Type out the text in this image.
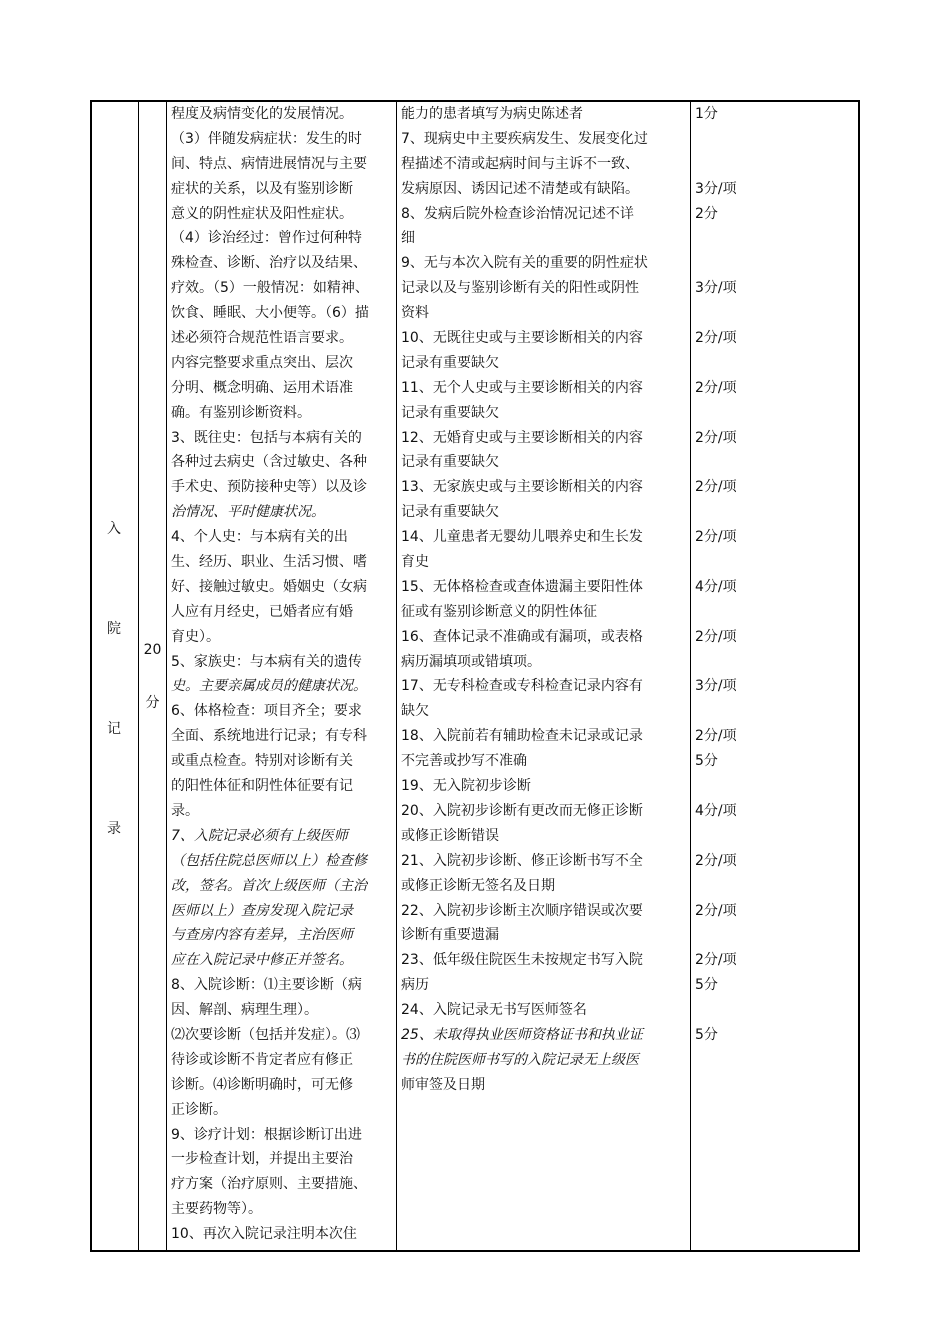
入
院
记
录
20
分
程度及病情变化的发展情况。
（3）伴随发病症状：发生的时
间、特点、病情进展情况与主要
症状的关系，以及有鉴别诊断
意义的阴性症状及阳性症状。
（4）诊治经过：曾作过何种特
殊检查、诊断、治疗以及结果、
疗效。（5）一般情况：如精神、
饮食、睡眠、大小便等。（6）描
述必须符合规范性语言要求。
内容完整要求重点突出、层次
分明、概念明确、运用术语准
确。有鉴别诊断资料。
3、既往史：包括与本病有关的
各种过去病史（含过敏史、各种
手术史、预防接种史等）以及诊
治情况、平时健康状况。
4、个人史：与本病有关的出
生、经历、职业、生活习惯、嗜
好、接触过敏史。婚姻史（女病
人应有月经史，已婚者应有婚
育史）。
5、家族史：与本病有关的遗传
史。主要亲属成员的健康状况。
6、体格检查：项目齐全；要求
全面、系统地进行记录；有专科
或重点检查。特别对诊断有关
的阳性体征和阴性体征要有记
录。
7、入院记录必须有上级医师
（包括住院总医师以上）检查修
改，签名。首次上级医师（主治
医师以上）查房发现入院记录
与查房内容有差异，主治医师
应在入院记录中修正并签名。
8、入院诊断：⑴主要诊断（病
因、解剖、病理生理）。
⑵次要诊断（包括并发症）。⑶
待诊或诊断不肯定者应有修正
诊断。⑷诊断明确时，可无修
正诊断。
9、诊疗计划：根据诊断订出进
一步检查计划，并提出主要治
疗方案（治疗原则、主要措施、
主要药物等）。
10、再次入院记录注明本次住
能力的患者填写为病史陈述者
7、现病史中主要疾病发生、发展变化过
程描述不清或起病时间与主诉不一致、
发病原因、诱因记述不清楚或有缺陷。
8、发病后院外检查诊治情况记述不详
细
9、无与本次入院有关的重要的阴性症状
记录以及与鉴别诊断有关的阳性或阴性
资料
10、无既往史或与主要诊断相关的内容
记录有重要缺欠
11、无个人史或与主要诊断相关的内容
记录有重要缺欠
12、无婚育史或与主要诊断相关的内容
记录有重要缺欠
13、无家族史或与主要诊断相关的内容
记录有重要缺欠
14、儿童患者无婴幼儿喂养史和生长发
育史
15、无体格检查或查体遗漏主要阳性体
征或有鉴别诊断意义的阴性体征
16、查体记录不准确或有漏项，或表格
病历漏填项或错填项。
17、无专科检查或专科检查记录内容有
缺欠
18、入院前若有辅助检查未记录或记录
不完善或抄写不准确
19、无入院初步诊断
20、入院初步诊断有更改而无修正诊断
或修正诊断错误
21、入院初步诊断、修正诊断书写不全
或修正诊断无签名及日期
22、入院初步诊断主次顺序错误或次要
诊断有重要遗漏
23、低年级住院医生未按规定书写入院
病历
24、入院记录无书写医师签名
25、未取得执业医师资格证书和执业证
书的住院医师书写的入院记录无上级医
师审签及日期
1分
3分/项
2分
3分/项
2分/项
2分/项
2分/项
2分/项
2分/项
4分/项
2分/项
3分/项
2分/项
5分
4分/项
2分/项
2分/项
2分/项
5分
5分
